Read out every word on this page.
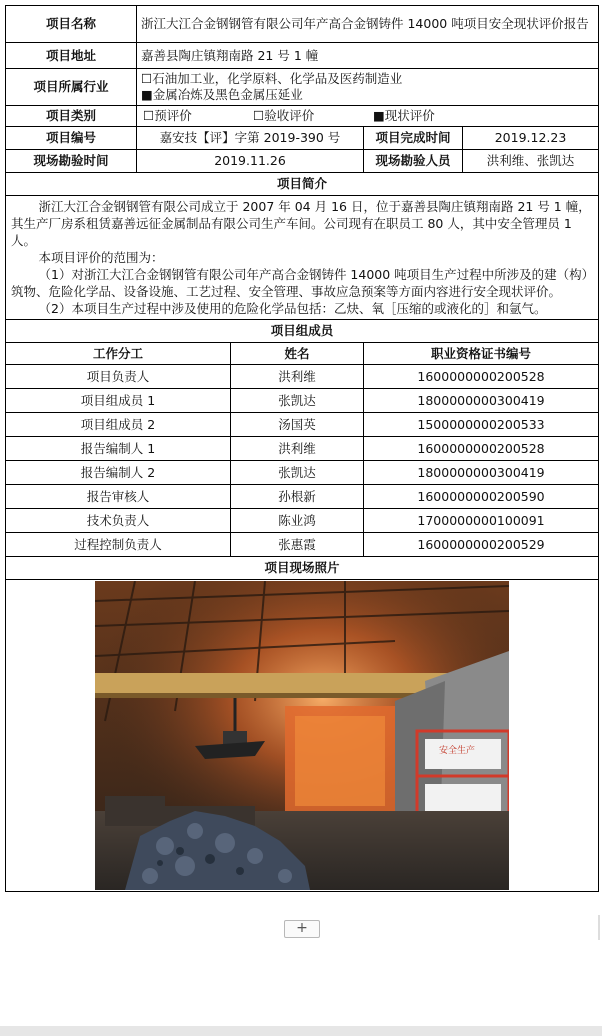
项目名称	浙江大江合金钢钢管有限公司年产高合金钢铸件 14000 吨项目安全现状评价报告			
项目地址	嘉善县陶庄镇翔南路 21 号 1 幢			
项目所属行业	☐石油加工业，化学原料、化学品及医药制造业
■金属冶炼及黑色金属压延业			

项目类别	☐预评价 ☐验收评价 ■现状评价			
项目编号	嘉安技【评】字第 2019-390 号		项目完成时间	2019.12.23
现场勘验时间	2019.11.26		现场勘验人员	洪利维、张凯达
项目简介				

浙江大江合金钢钢管有限公司成立于 2007 年 04 月 16 日，位于嘉善县陶庄镇翔南路 21 号 1 幢，其生产厂房系租赁嘉善远征金属制品有限公司生产车间。公司现有在职员工 80 人，其中安全管理员 1 人。

本项目评价的范围为：

（1）对浙江大江合金钢钢管有限公司年产高合金钢铸件 14000 吨项目生产过程中所涉及的建（构）筑物、危险化学品、设备设施、工艺过程、安全管理、事故应急预案等方面内容进行安全现状评价。

（2）本项目生产过程中涉及使用的危险化学品包括：乙炔、氧［压缩的或液化的］和氩气。				

项目组成员				
工作分工		姓名	职业资格证书编号	
项目负责人		洪利维	1600000000200528	
项目组成员 1		张凯达	1800000000300419	
项目组成员 2		汤国英	1500000000200533	
报告编制人 1		洪利维	1600000000200528	
报告编制人 2		张凯达	1800000000300419	
报告审核人		孙根新	1600000000200590	
技术负责人		陈业鸿	1700000000100091	
过程控制负责人		张惠霞	1600000000200529	
项目现场照片				

安全生产				
+
